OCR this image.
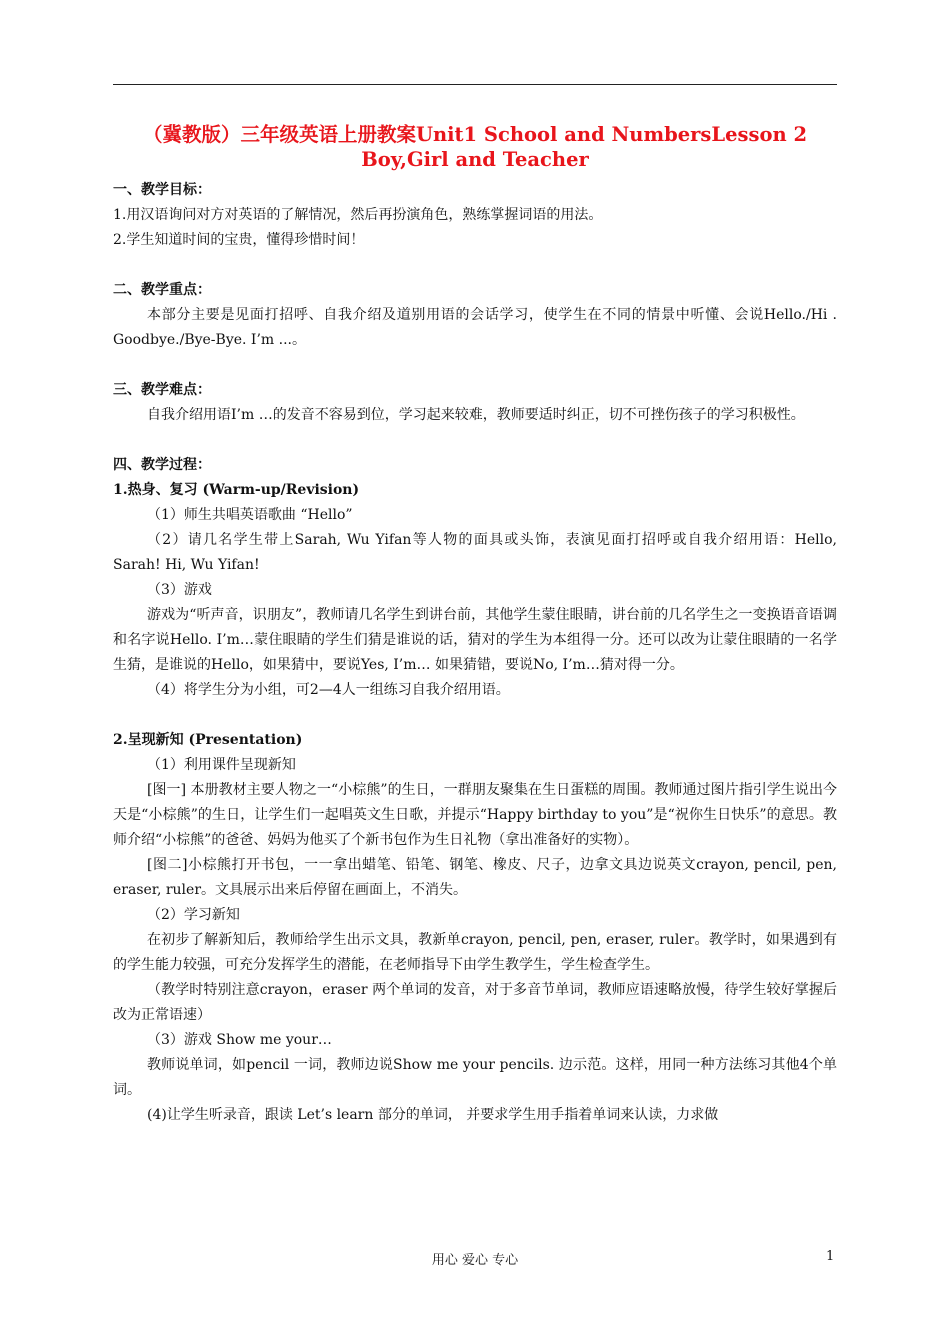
（冀教版）三年级英语上册教案Unit1 School and NumbersLesson 2
Boy,Girl and Teacher
一、教学目标：
1.用汉语询问对方对英语的了解情况，然后再扮演角色，熟练掌握词语的用法。
2.学生知道时间的宝贵，懂得珍惜时间！
二、教学重点：
本部分主要是见面打招呼、自我介绍及道别用语的会话学习，使学生在不同的情景中听懂、会说Hello./Hi . Goodbye./Bye-Bye. I’m ...。
三、教学难点：
自我介绍用语I’m …的发音不容易到位，学习起来较难，教师要适时纠正，切不可挫伤孩子的学习积极性。
四、教学过程：
1.热身、复习 (Warm-up/Revision)
（1）师生共唱英语歌曲 “Hello”
（2）请几名学生带上Sarah, Wu Yifan等人物的面具或头饰，表演见面打招呼或自我介绍用语：Hello, Sarah! Hi, Wu Yifan!
（3）游戏
游戏为“听声音，识朋友”，教师请几名学生到讲台前，其他学生蒙住眼睛，讲台前的几名学生之一变换语音语调和名字说Hello. I’m…蒙住眼睛的学生们猜是谁说的话，猜对的学生为本组得一分。还可以改为让蒙住眼睛的一名学生猜，是谁说的Hello，如果猜中，要说Yes, I’m… 如果猜错，要说No, I’m…猜对得一分。
（4）将学生分为小组，可2—4人一组练习自我介绍用语。
2.呈现新知 (Presentation)
（1）利用课件呈现新知
[图一] 本册教材主要人物之一“小棕熊”的生日，一群朋友聚集在生日蛋糕的周围。教师通过图片指引学生说出今天是“小棕熊”的生日，让学生们一起唱英文生日歌，并提示“Happy birthday to you”是“祝你生日快乐”的意思。教师介绍“小棕熊”的爸爸、妈妈为他买了个新书包作为生日礼物（拿出准备好的实物）。
[图二]小棕熊打开书包，一一拿出蜡笔、铅笔、钢笔、橡皮、尺子，边拿文具边说英文crayon, pencil, pen, eraser, ruler。文具展示出来后停留在画面上，不消失。
（2）学习新知
在初步了解新知后，教师给学生出示文具，教新单crayon, pencil, pen, eraser, ruler。教学时，如果遇到有的学生能力较强，可充分发挥学生的潜能，在老师指导下由学生教学生，学生检查学生。
（教学时特别注意crayon，eraser 两个单词的发音，对于多音节单词，教师应语速略放慢，待学生较好掌握后改为正常语速）
（3）游戏 Show me your…
教师说单词，如pencil 一词，教师边说Show me your pencils. 边示范。这样，用同一种方法练习其他4个单词。
(4)让学生听录音，跟读 Let’s learn 部分的单词， 并要求学生用手指着单词来认读，力求做
用心 爱心 专心	1
